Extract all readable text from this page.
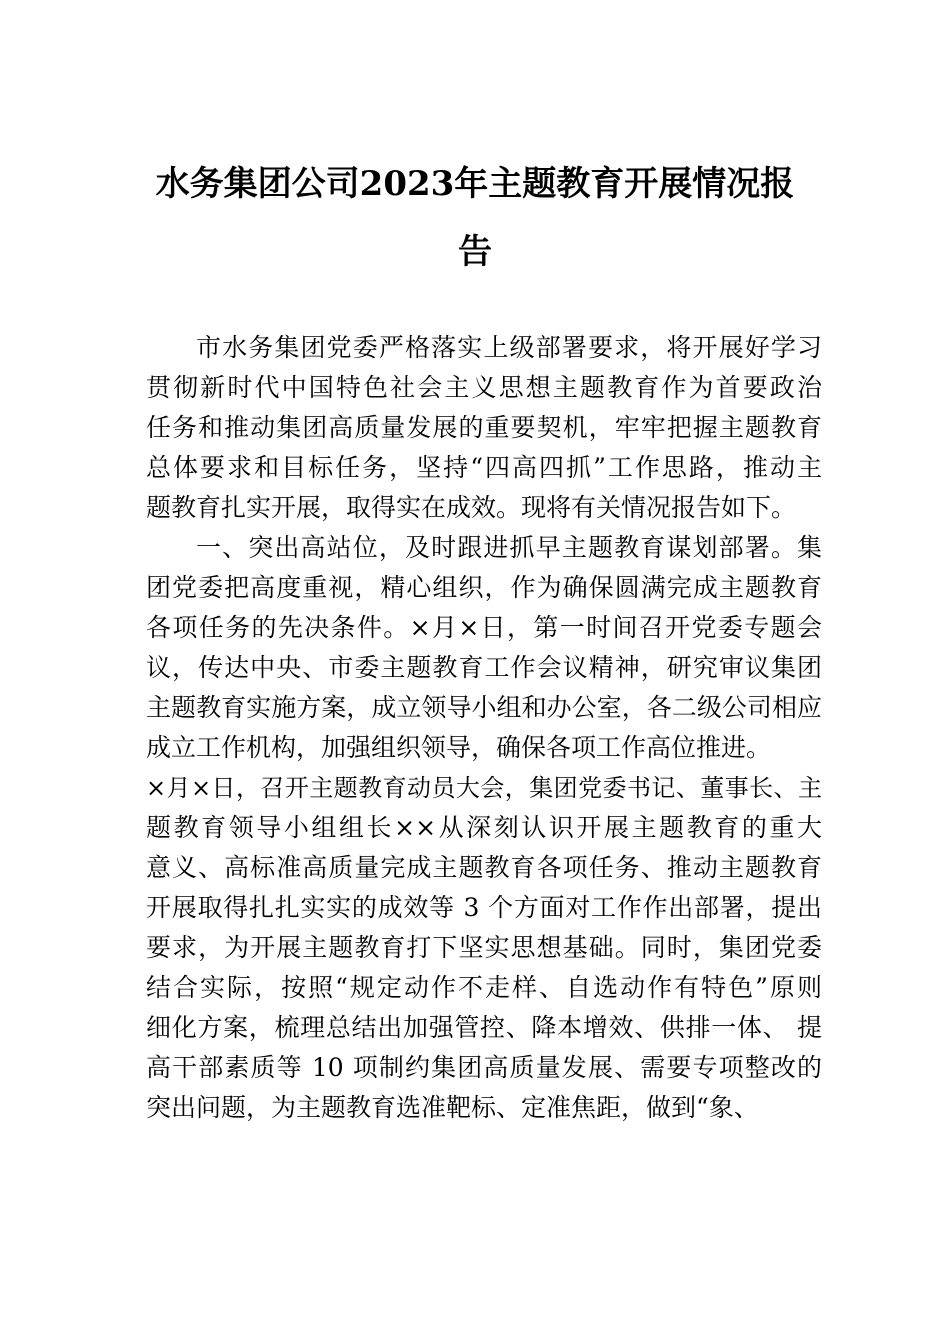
水务集团公司2023年主题教育开展情况报
告
市水务集团党委严格落实上级部署要求，将开展好学习
贯彻新时代中国特色社会主义思想主题教育作为首要政治
任务和推动集团高质量发展的重要契机，牢牢把握主题教育
总体要求和目标任务，坚持“四高四抓”工作思路，推动主
题教育扎实开展，取得实在成效。现将有关情况报告如下。
一、突出高站位，及时跟进抓早主题教育谋划部署。集
团党委把高度重视，精心组织，作为确保圆满完成主题教育
各项任务的先决条件。×月×日，第一时间召开党委专题会
议，传达中央、市委主题教育工作会议精神，研究审议集团
主题教育实施方案，成立领导小组和办公室，各二级公司相应
成立工作机构，加强组织领导，确保各项工作高位推进。
×月×日，召开主题教育动员大会，集团党委书记、董事长、主
题教育领导小组组长××从深刻认识开展主题教育的重大
意义、高标准高质量完成主题教育各项任务、推动主题教育
开展取得扎扎实实的成效等 3 个方面对工作作出部署，提出
要求，为开展主题教育打下坚实思想基础。同时，集团党委
结合实际，按照“规定动作不走样、自选动作有特色”原则
细化方案，梳理总结出加强管控、降本增效、供排一体、 提
高干部素质等 10 项制约集团高质量发展、需要专项整改的
突出问题，为主题教育选准靶标、定准焦距，做到“象、
